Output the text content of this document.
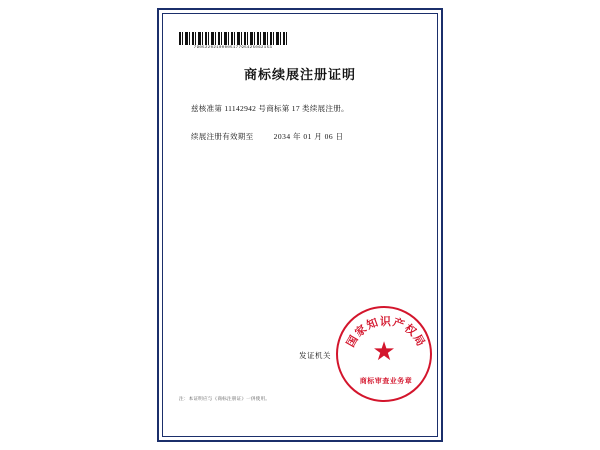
7905220210000517795425062153
商标续展注册证明
兹核准第 11142942 号商标第 17 类续展注册。
续展注册有效期至	2034 年 01 月 06 日
发证机关
国家知识产权局
★
商标审查业务章
注：本证明应与《商标注册证》一併使用。
